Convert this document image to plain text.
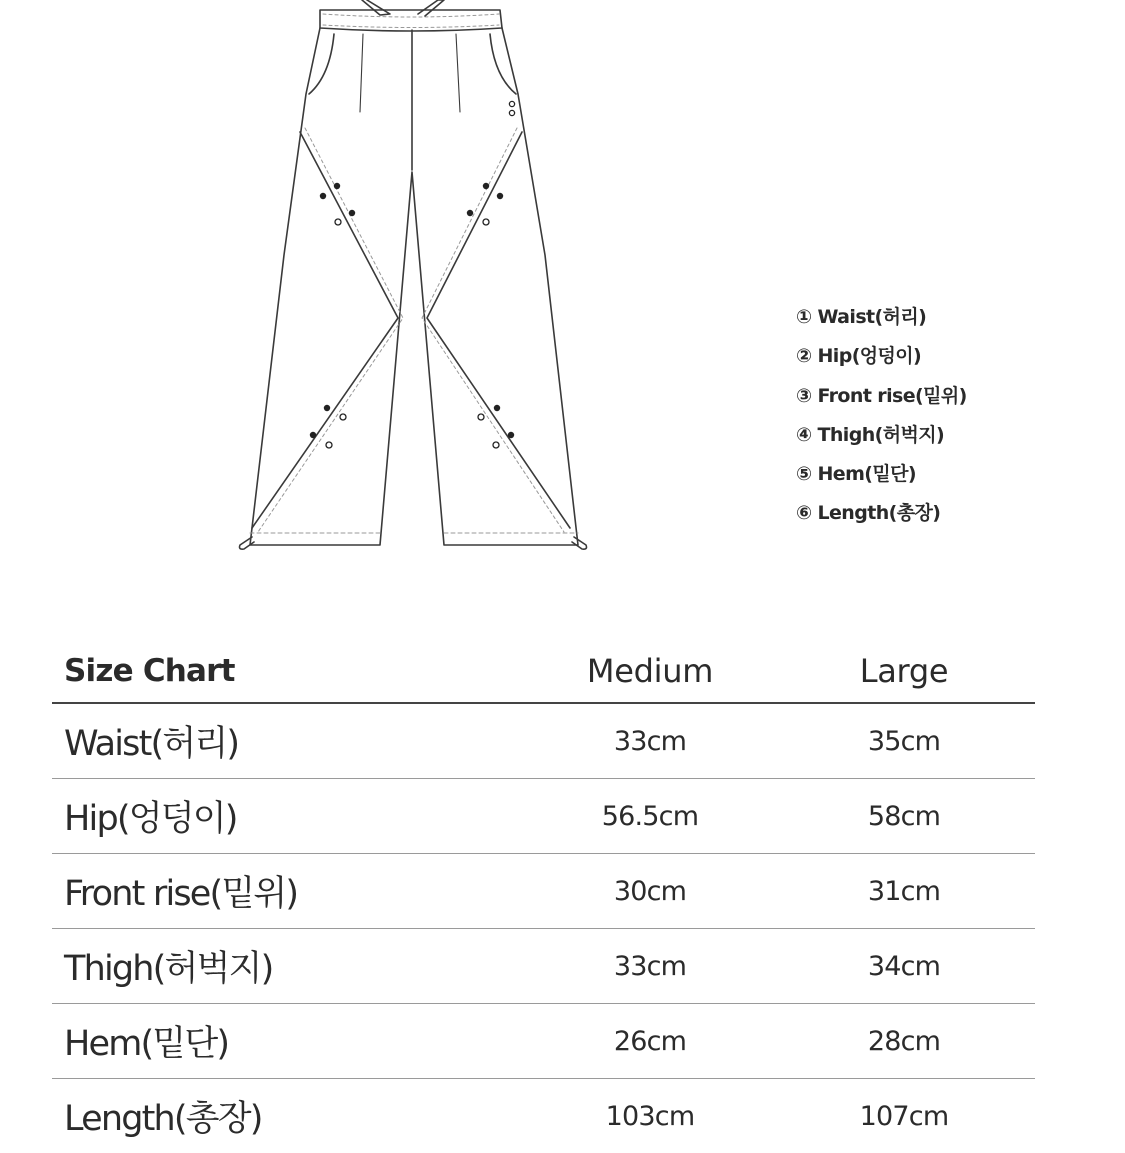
① Waist(허리)
② Hip(엉덩이)
③ Front rise(밑위)
④ Thigh(허벅지)
⑤ Hem(밑단)
⑥ Length(총장)
Size Chart	Medium	Large
Waist(허리)	33cm	35cm
Hip(엉덩이)	56.5cm	58cm
Front rise(밑위)	30cm	31cm
Thigh(허벅지)	33cm	34cm
Hem(밑단)	26cm	28cm
Length(총장)	103cm	107cm
